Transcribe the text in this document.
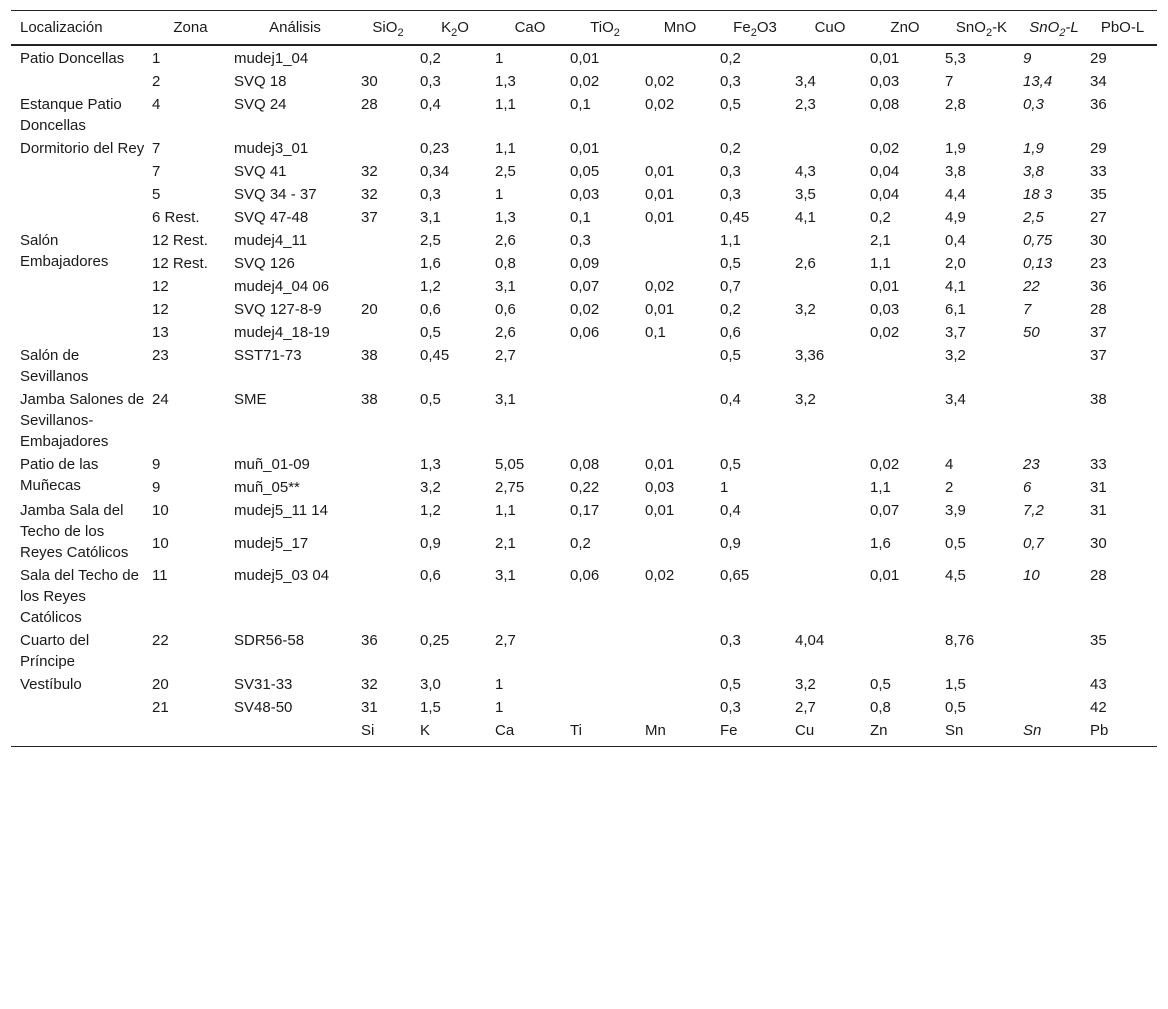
Localización	Zona	Análisis	SiO$_2$	$K_2O$	CaO	TiO$_2$	MnO	$Fe_2O3$	CuO	ZnO	SnO$_2$-K	SnO$_2$-L	PbO-L
Patio Doncellas	1	mudej1_04		0,2	1	0,01		0,2		0,01	5,3	9	29
	2	SVQ 18	30	0,3	1,3	0,02	0,02	0,3	3,4	0,03	7	13,4	34
Estanque Patio Doncellas	4	SVQ 24	28	0,4	1,1	0,1	0,02	0,5	2,3	0,08	2,8	0,3	36
Dormitorio del Rey	7	mudej3_01		0,23	1,1	0,01		0,2		0,02	1,9	1,9	29
	7	SVQ 41	32	0,34	2,5	0,05	0,01	0,3	4,3	0,04	3,8	3,8	33
	5	SVQ 34 - 37	32	0,3	1	0,03	0,01	0,3	3,5	0,04	4,4	18 3	35
	6 Rest.	SVQ 47-48	37	3,1	1,3	0,1	0,01	0,45	4,1	0,2	4,9	2,5	27
Salón Embajadores	12 Rest.	mudej4_11		2,5	2,6	0,3		1,1		2,1	0,4	0,75	30
	12 Rest.	SVQ 126		1,6	0,8	0,09		0,5	2,6	1,1	2,0	0,13	23
	12	mudej4_04 06		1,2	3,1	0,07	0,02	0,7		0,01	4,1	22	36
	12	SVQ 127-8-9	20	0,6	0,6	0,02	0,01	0,2	3,2	0,03	6,1	7	28
	13	mudej4_18-19		0,5	2,6	0,06	0,1	0,6		0,02	3,7	50	37
Salón de Sevillanos	23	SST71-73	38	0,45	2,7			0,5	3,36		3,2		37
Jamba Salones de Sevillanos-Embajadores	24	SME	38	0,5	3,1			0,4	3,2		3,4		38
Patio de las Muñecas	9	muñ_01-09		1,3	5,05	0,08	0,01	0,5		0,02	4	23	33
	9	muñ_05**		3,2	2,75	0,22	0,03	1		1,1	2	6	31
Jamba Sala del Techo de los Reyes Católicos	10	mudej5_11 14		1,2	1,1	0,17	0,01	0,4		0,07	3,9	7,2	31
	10	mudej5_17		0,9	2,1	0,2		0,9		1,6	0,5	0,7	30
Sala del Techo de los Reyes Católicos	11	mudej5_03 04		0,6	3,1	0,06	0,02	0,65		0,01	4,5	10	28
Cuarto del Príncipe	22	SDR56-58	36	0,25	2,7			0,3	4,04		8,76		35
Vestíbulo	20	SV31-33	32	3,0	1			0,5	3,2	0,5	1,5		43
	21	SV48-50	31	1,5	1			0,3	2,7	0,8	0,5		42
			Si	K	Ca	Ti	Mn	Fe	Cu	Zn	Sn	Sn	Pb
